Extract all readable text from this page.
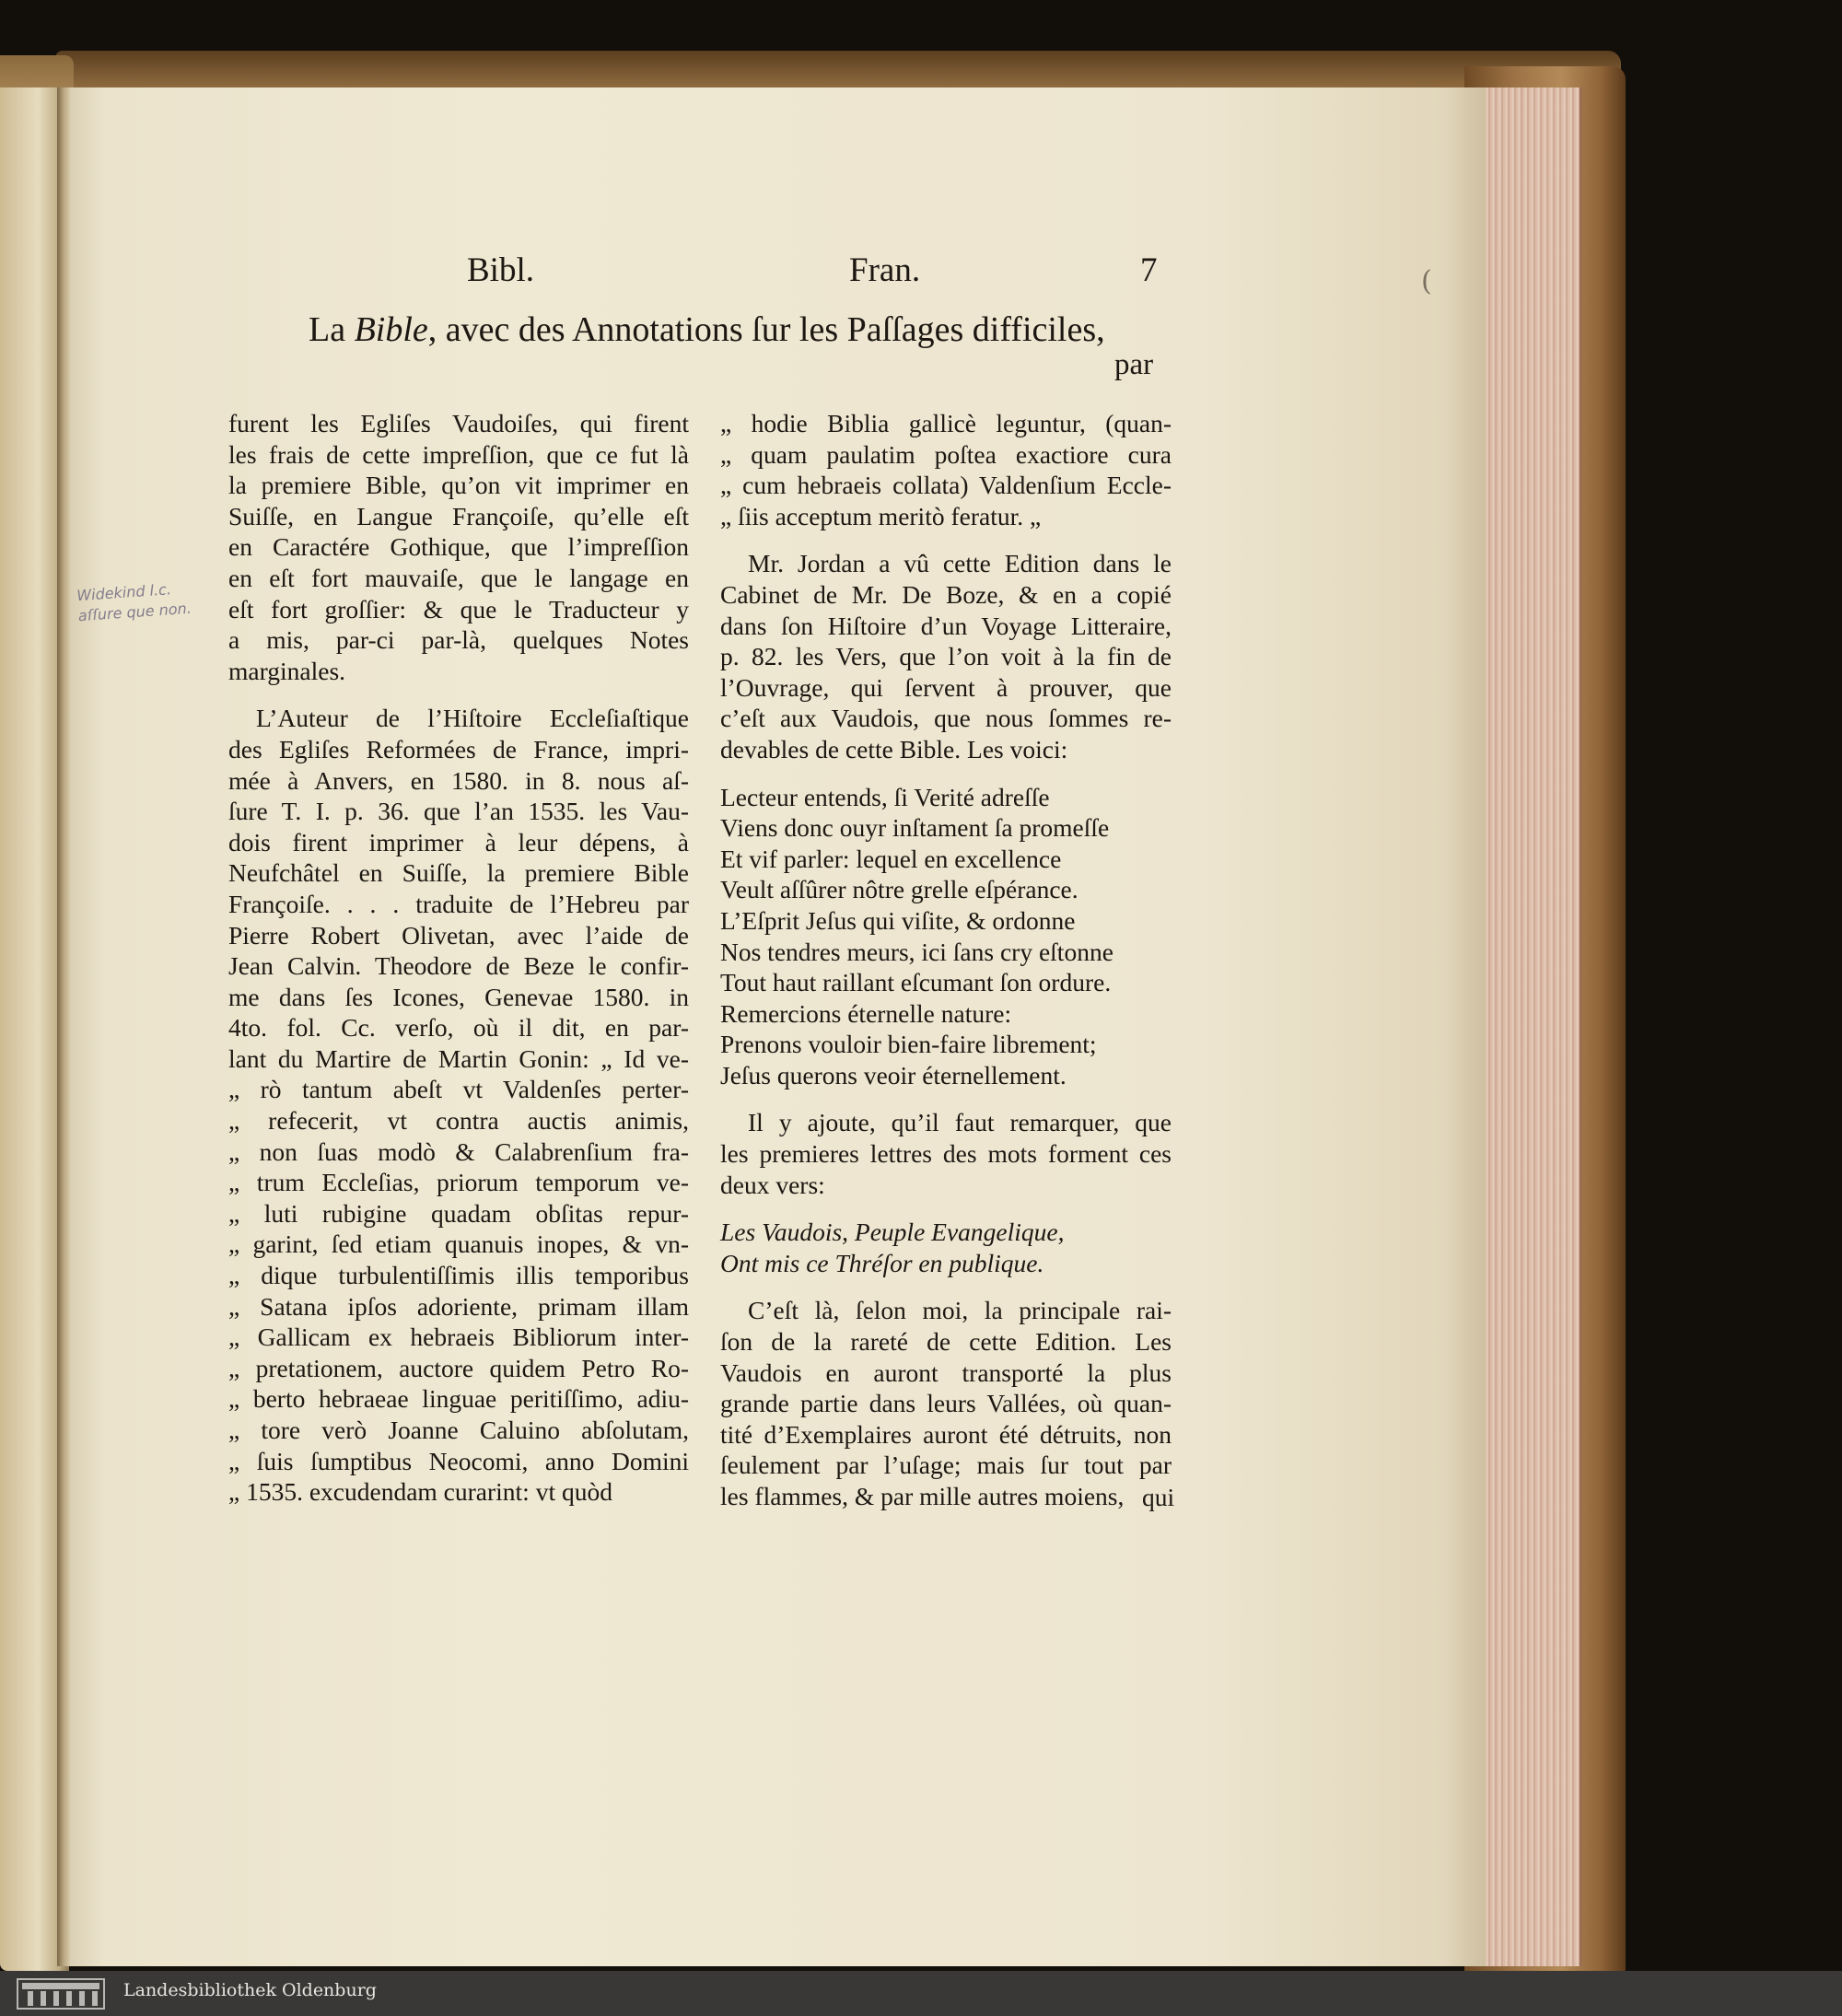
Bibl.	Fran.	7	(
La Bible, avec des Annotations ſur les Paſſages difficiles,
par
Widekind l.c.
aſſure que non.
furent les Egliſes Vaudoiſes, qui firent
les frais de cette impreſſion, que ce fut là
la premiere Bible, qu’on vit imprimer en
Suiſſe, en Langue Françoiſe, qu’elle eſt
en Caractére Gothique, que l’impreſſion
en eſt fort mauvaiſe, que le langage en
eſt fort groſſier: & que le Traducteur y
a mis, par-ci par-là, quelques Notes
marginales.
L’Auteur de l’Hiſtoire Eccleſiaſtique
des Egliſes Reformées de France, impri-
mée à Anvers, en 1580. in 8. nous aſ-
ſure T. I. p. 36. que l’an 1535. les Vau-
dois firent imprimer à leur dépens, à
Neufchâtel en Suiſſe, la premiere Bible
Françoiſe. . . . traduite de l’Hebreu par
Pierre Robert Olivetan, avec l’aide de
Jean Calvin. Theodore de Beze le confir-
me dans ſes Icones, Genevae 1580. in
4to. fol. Cc. verſo, où il dit, en par-
lant du Martire de Martin Gonin: „ Id ve-
„ rò tantum abeſt vt Valdenſes perter-
„ refecerit, vt contra auctis animis,
„ non ſuas modò & Calabrenſium fra-
„ trum Eccleſias, priorum temporum ve-
„ luti rubigine quadam obſitas repur-
„ garint, ſed etiam quanuis inopes, & vn-
„ dique turbulentiſſimis illis temporibus
„ Satana ipſos adoriente, primam illam
„ Gallicam ex hebraeis Bibliorum inter-
„ pretationem, auctore quidem Petro Ro-
„ berto hebraeae linguae peritiſſimo, adiu-
„ tore verò Joanne Caluino abſolutam,
„ ſuis ſumptibus Neocomi, anno Domini
„ 1535. excudendam curarint: vt quòd
„ hodie Biblia gallicè leguntur, (quan-
„ quam paulatim poſtea exactiore cura
„ cum hebraeis collata) Valdenſium Eccle-
„ ſiis acceptum meritò feratur. „
Mr. Jordan a vû cette Edition dans le
Cabinet de Mr. De Boze, & en a copié
dans ſon Hiſtoire d’un Voyage Litteraire,
p. 82. les Vers, que l’on voit à la fin de
l’Ouvrage, qui ſervent à prouver, que
c’eſt aux Vaudois, que nous ſommes re-
devables de cette Bible. Les voici:
Lecteur entends, ſi Verité adreſſe
Viens donc ouyr inſtament ſa promeſſe
Et vif parler: lequel en excellence
Veult aſſûrer nôtre grelle eſpérance.
L’Eſprit Jeſus qui viſite, & ordonne
Nos tendres meurs, ici ſans cry eſtonne
Tout haut raillant eſcumant ſon ordure.
Remercions éternelle nature:
Prenons vouloir bien-faire librement;
Jeſus querons veoir éternellement.
Il y ajoute, qu’il faut remarquer, que
les premieres lettres des mots forment ces
deux vers:
Les Vaudois, Peuple Evangelique,
Ont mis ce Thréſor en publique.
C’eſt là, ſelon moi, la principale rai-
ſon de la rareté de cette Edition. Les
Vaudois en auront transporté la plus
grande partie dans leurs Vallées, où quan-
tité d’Exemplaires auront été détruits, non
ſeulement par l’uſage; mais ſur tout par
les flammes, & par mille autres moiens, qui
Landesbibliothek Oldenburg
